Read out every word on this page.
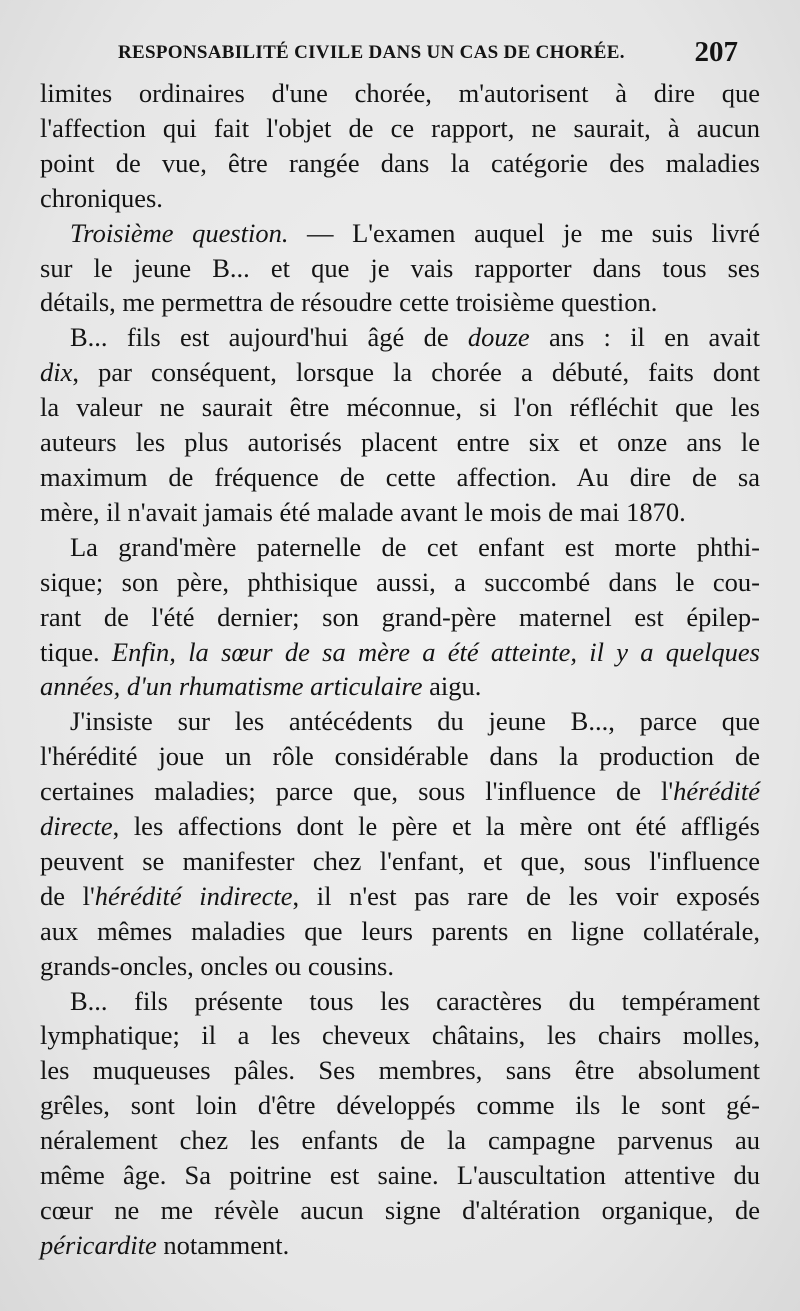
RESPONSABILITÉ CIVILE DANS UN CAS DE CHORÉE. 207
limites ordinaires d'une chorée, m'autorisent à dire que
l'affection qui fait l'objet de ce rapport, ne saurait, à aucun
point de vue, être rangée dans la catégorie des maladies
chroniques.
Troisième question. — L'examen auquel je me suis livré
sur le jeune B... et que je vais rapporter dans tous ses
détails, me permettra de résoudre cette troisième question.
B... fils est aujourd'hui âgé de douze ans : il en avait
dix, par conséquent, lorsque la chorée a débuté, faits dont
la valeur ne saurait être méconnue, si l'on réfléchit que les
auteurs les plus autorisés placent entre six et onze ans le
maximum de fréquence de cette affection. Au dire de sa
mère, il n'avait jamais été malade avant le mois de mai 1870.
La grand'mère paternelle de cet enfant est morte phthi-
sique; son père, phthisique aussi, a succombé dans le cou-
rant de l'été dernier; son grand-père maternel est épilep-
tique. Enfin, la sœur de sa mère a été atteinte, il y a quelques
années, d'un rhumatisme articulaire aigu.
J'insiste sur les antécédents du jeune B..., parce que
l'hérédité joue un rôle considérable dans la production de
certaines maladies; parce que, sous l'influence de l'hérédité
directe, les affections dont le père et la mère ont été affligés
peuvent se manifester chez l'enfant, et que, sous l'influence
de l'hérédité indirecte, il n'est pas rare de les voir exposés
aux mêmes maladies que leurs parents en ligne collatérale,
grands-oncles, oncles ou cousins.
B... fils présente tous les caractères du tempérament
lymphatique; il a les cheveux châtains, les chairs molles,
les muqueuses pâles. Ses membres, sans être absolument
grêles, sont loin d'être développés comme ils le sont gé-
néralement chez les enfants de la campagne parvenus au
même âge. Sa poitrine est saine. L'auscultation attentive du
cœur ne me révèle aucun signe d'altération organique, de
péricardite notamment.
